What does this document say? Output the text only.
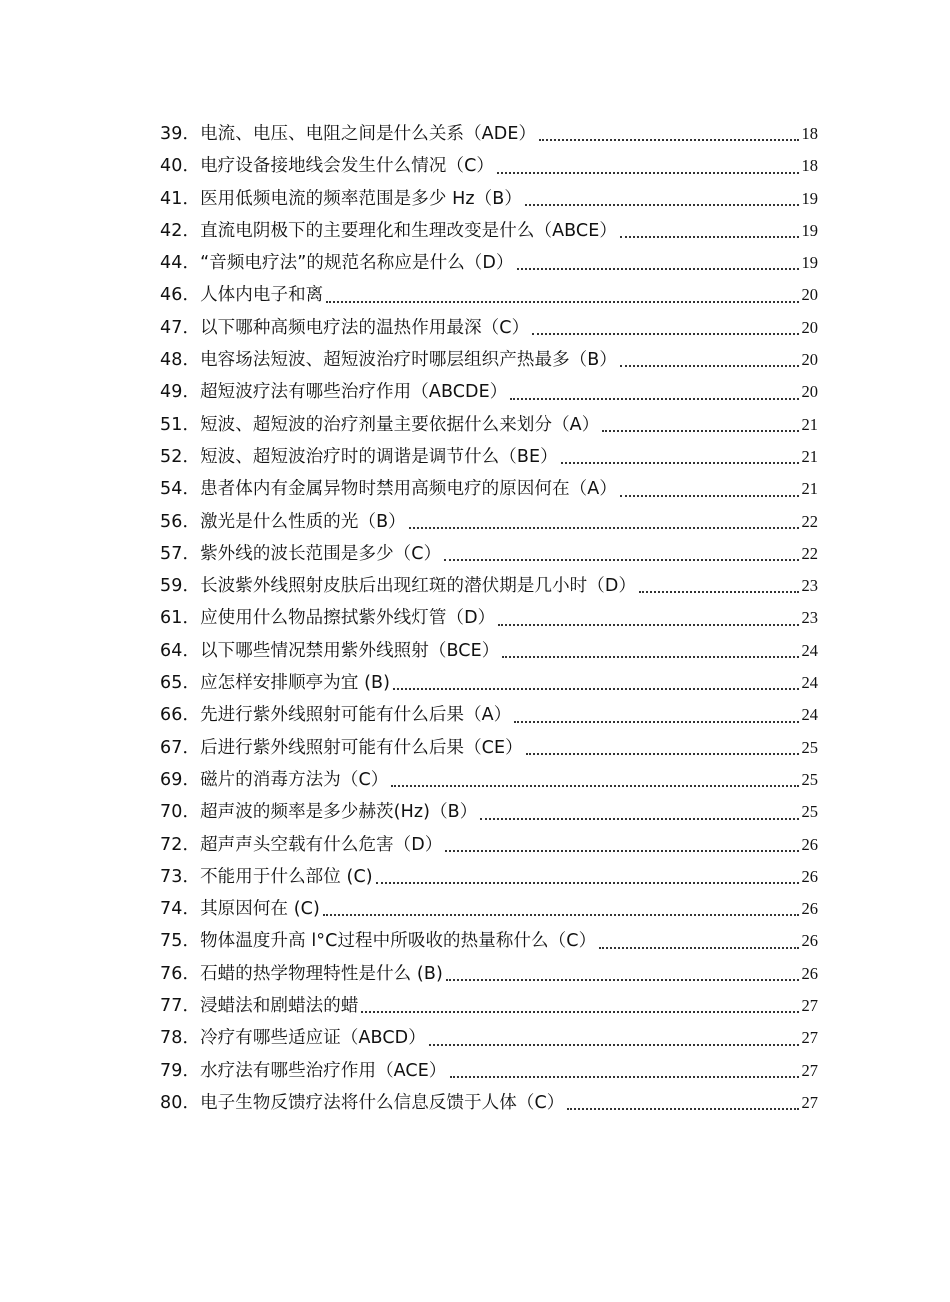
39．电流、电压、电阻之间是什么关系（ADE）	18
40．电疗设备接地线会发生什么情况（C）	18
41．医用低频电流的频率范围是多少 Hz（B）	19
42．直流电阴极下的主要理化和生理改变是什么（ABCE）	19
44．“音频电疗法”的规范名称应是什么（D）	19
46．人体内电子和离	20
47．以下哪种高频电疗法的温热作用最深（C）	20
48．电容场法短波、超短波治疗时哪层组织产热最多（B）	20
49．超短波疗法有哪些治疗作用（ABCDE）	20
51．短波、超短波的治疗剂量主要依据什么来划分（A）	21
52．短波、超短波治疗时的调谐是调节什么（BE）	21
54．患者体内有金属异物时禁用高频电疗的原因何在（A）	21
56．激光是什么性质的光（B）	22
57．紫外线的波长范围是多少（C）	22
59．长波紫外线照射皮肤后出现红斑的潜伏期是几小时（D）	23
61．应使用什么物品擦拭紫外线灯管（D）	23
64．以下哪些情况禁用紫外线照射（BCE）	24
65．应怎样安排顺亭为宜 (B)	24
66．先进行紫外线照射可能有什么后果（A）	24
67．后进行紫外线照射可能有什么后果（CE）	25
69．磁片的消毒方法为（C）	25
70．超声波的频率是多少赫茨(Hz)（B）	25
72．超声声头空载有什么危害（D）	26
73．不能用于什么部位 (C)	26
74．其原因何在 (C)	26
75．物体温度升高 l°C过程中所吸收的热量称什么（C）	26
76．石蜡的热学物理特性是什么 (B)	26
77．浸蜡法和剧蜡法的蜡	27
78．冷疗有哪些适应证（ABCD）	27
79．水疗法有哪些治疗作用（ACE）	27
80．电子生物反馈疗法将什么信息反馈于人体（C）	27
